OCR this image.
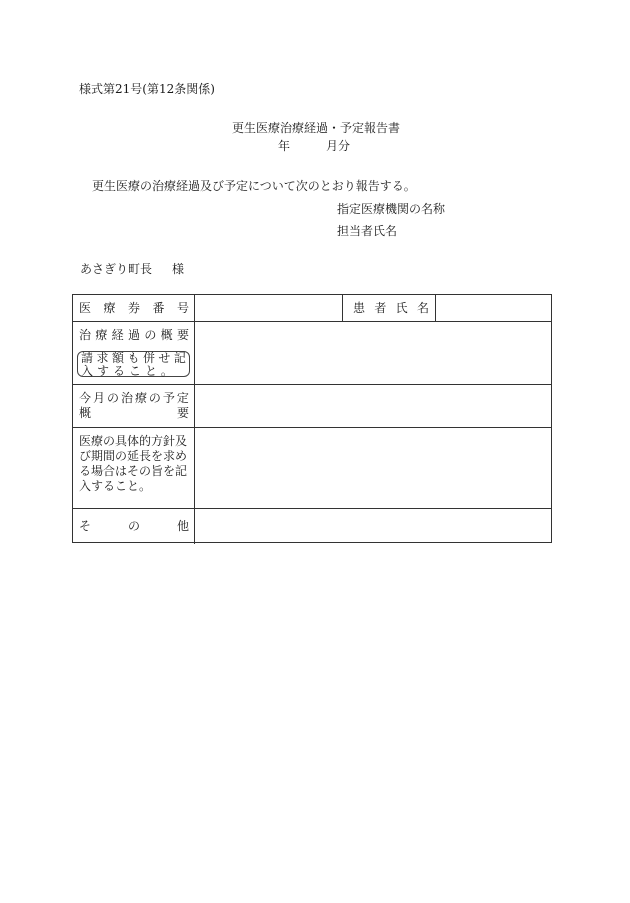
様式第21号(第12条関係)
更生医療治療経過・予定報告書
年	月分
更生医療の治療経過及び予定について次のとおり報告する。
指定医療機関の名称
担当者氏名
あさぎり町長 様
医 療 券 番 号	患 者 氏 名
治 療 経 過 の 概 要
請 求 額 も 併 せ 記
入 す る こ と 。
今 月 の 治 療 の 予 定
概	要
医療の具体的方針及び期間の延長を求める場合はその旨を記入すること。
そ	の	他
